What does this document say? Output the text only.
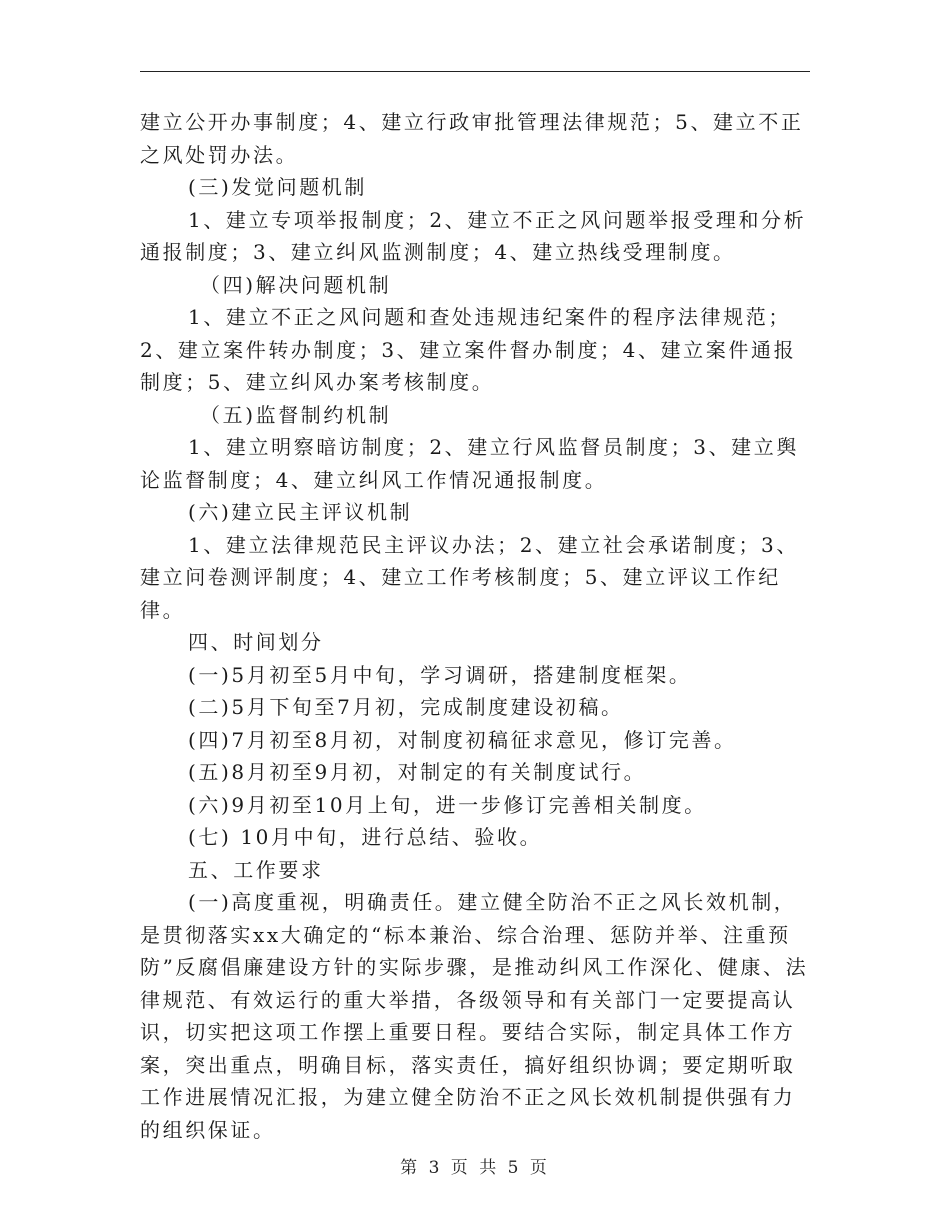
建立公开办事制度；4、建立行政审批管理法律规范；5、建立不正之风处罚办法。

(三)发觉问题机制

1、建立专项举报制度；2、建立不正之风问题举报受理和分析通报制度；3、建立纠风监测制度；4、建立热线受理制度。

（四)解决问题机制

1、建立不正之风问题和查处违规违纪案件的程序法律规范；2、建立案件转办制度；3、建立案件督办制度；4、建立案件通报制度；5、建立纠风办案考核制度。

（五)监督制约机制

1、建立明察暗访制度；2、建立行风监督员制度；3、建立舆论监督制度；4、建立纠风工作情况通报制度。

(六)建立民主评议机制

1、建立法律规范民主评议办法；2、建立社会承诺制度；3、建立问卷测评制度；4、建立工作考核制度；5、建立评议工作纪律。

四、时间划分

(一)5月初至5月中旬，学习调研，搭建制度框架。

(二)5月下旬至7月初，完成制度建设初稿。

(四)7月初至8月初，对制度初稿征求意见，修订完善。

(五)8月初至9月初，对制定的有关制度试行。

(六)9月初至10月上旬，进一步修订完善相关制度。

(七) 10月中旬，进行总结、验收。

五、工作要求

(一)高度重视，明确责任。建立健全防治不正之风长效机制，是贯彻落实xx大确定的“标本兼治、综合治理、惩防并举、注重预防”反腐倡廉建设方针的实际步骤，是推动纠风工作深化、健康、法律规范、有效运行的重大举措，各级领导和有关部门一定要提高认识，切实把这项工作摆上重要日程。要结合实际，制定具体工作方案，突出重点，明确目标，落实责任，搞好组织协调；要定期听取工作进展情况汇报，为建立健全防治不正之风长效机制提供强有力的组织保证。

第 3 页 共 5 页
